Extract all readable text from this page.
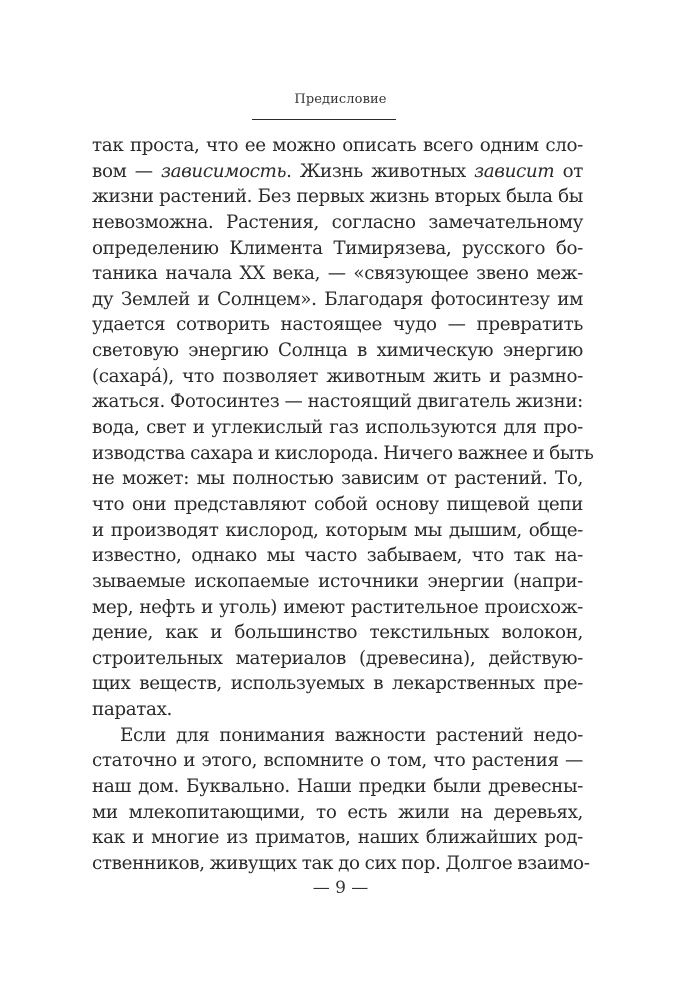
Предисловие
так проста, что ее можно описать всего одним сло-
вом — зависимость. Жизнь животных зависит от
жизни растений. Без первых жизнь вторых была бы
невозможна. Растения, согласно замечательному
определению Климента Тимирязева, русского бо-
таника начала XX века, — «связующее звено меж-
ду Землей и Солнцем». Благодаря фотосинтезу им
удается сотворить настоящее чудо — превратить
световую энергию Солнца в химическую энергию
(сахара́), что позволяет животным жить и размно-
жаться. Фотосинтез — настоящий двигатель жизни:
вода, свет и углекислый газ используются для про-
изводства сахара и кислорода. Ничего важнее и быть
не может: мы полностью зависим от растений. То,
что они представляют собой основу пищевой цепи
и производят кислород, которым мы дышим, обще-
известно, однако мы часто забываем, что так на-
зываемые ископаемые источники энергии (напри-
мер, нефть и уголь) имеют растительное происхож-
дение, как и большинство текстильных волокон,
строительных материалов (древесина), действую-
щих веществ, используемых в лекарственных пре-
паратах.
Если для понимания важности растений недо-
статочно и этого, вспомните о том, что растения —
наш дом. Буквально. Наши предки были древесны-
ми млекопитающими, то есть жили на деревьях,
как и многие из приматов, наших ближайших род-
ственников, живущих так до сих пор. Долгое взаимо-
— 9 —
